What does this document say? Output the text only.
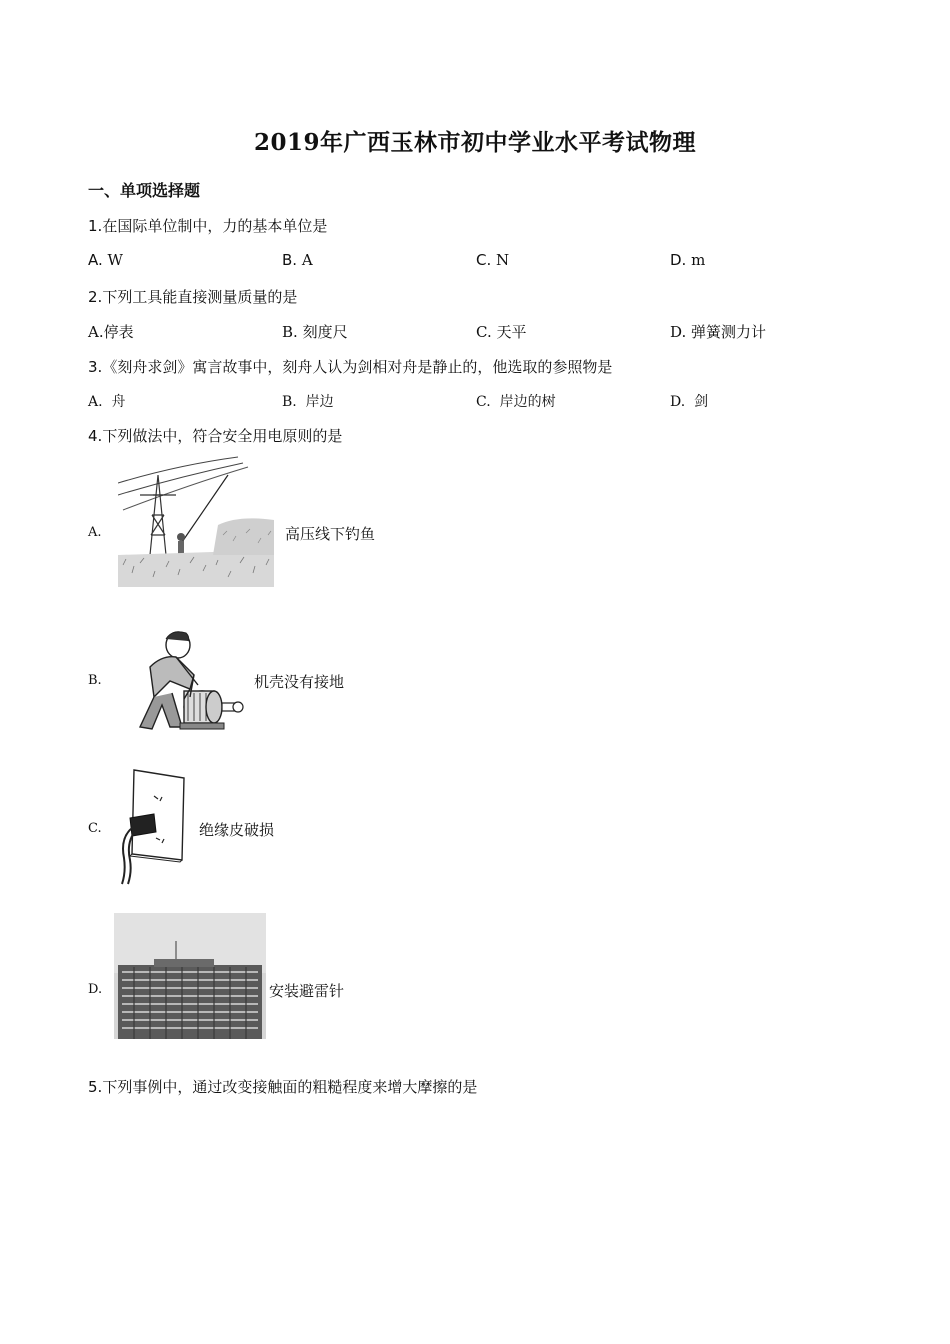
2019年广西玉林市初中学业水平考试物理
一、单项选择题
1.在国际单位制中，力的基本单位是
A. W	B. A	C. N	D. m
2.下列工具能直接测量质量的是
A.停表	B. 刻度尺	C. 天平	D. 弹簧测力计
3.《刻舟求剑》寓言故事中，刻舟人认为剑相对舟是静止的，他选取的参照物是
A. 舟	B. 岸边	C. 岸边的树	D. 剑
4.下列做法中，符合安全用电原则的是
A.	高压线下钓鱼
B.	机壳没有接地
C.	绝缘皮破损
D.	安装避雷针
5.下列事例中，通过改变接触面的粗糙程度来增大摩擦的是
